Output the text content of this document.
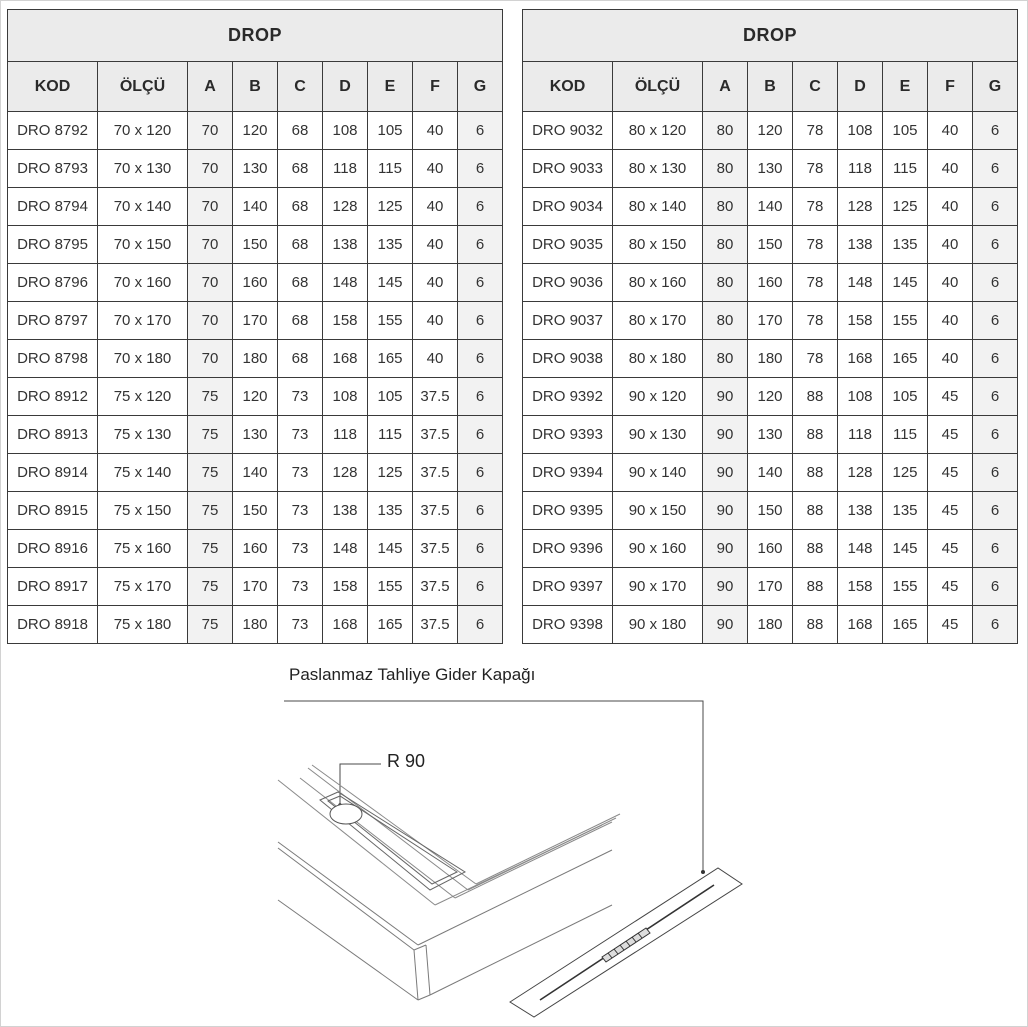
DROP								
KOD	ÖLÇÜ	A	B	C	D	E	F	G
DRO 8792	70 x 120	70	120	68	108	105	40	6
DRO 8793	70 x 130	70	130	68	118	115	40	6
DRO 8794	70 x 140	70	140	68	128	125	40	6
DRO 8795	70 x 150	70	150	68	138	135	40	6
DRO 8796	70 x 160	70	160	68	148	145	40	6
DRO 8797	70 x 170	70	170	68	158	155	40	6
DRO 8798	70 x 180	70	180	68	168	165	40	6
DRO 8912	75 x 120	75	120	73	108	105	37.5	6
DRO 8913	75 x 130	75	130	73	118	115	37.5	6
DRO 8914	75 x 140	75	140	73	128	125	37.5	6
DRO 8915	75 x 150	75	150	73	138	135	37.5	6
DRO 8916	75 x 160	75	160	73	148	145	37.5	6
DRO 8917	75 x 170	75	170	73	158	155	37.5	6
DRO 8918	75 x 180	75	180	73	168	165	37.5	6
DROP								
KOD	ÖLÇÜ	A	B	C	D	E	F	G
DRO 9032	80 x 120	80	120	78	108	105	40	6
DRO 9033	80 x 130	80	130	78	118	115	40	6
DRO 9034	80 x 140	80	140	78	128	125	40	6
DRO 9035	80 x 150	80	150	78	138	135	40	6
DRO 9036	80 x 160	80	160	78	148	145	40	6
DRO 9037	80 x 170	80	170	78	158	155	40	6
DRO 9038	80 x 180	80	180	78	168	165	40	6
DRO 9392	90 x 120	90	120	88	108	105	45	6
DRO 9393	90 x 130	90	130	88	118	115	45	6
DRO 9394	90 x 140	90	140	88	128	125	45	6
DRO 9395	90 x 150	90	150	88	138	135	45	6
DRO 9396	90 x 160	90	160	88	148	145	45	6
DRO 9397	90 x 170	90	170	88	158	155	45	6
DRO 9398	90 x 180	90	180	88	168	165	45	6
Paslanmaz Tahliye Gider Kapağı
R 90
